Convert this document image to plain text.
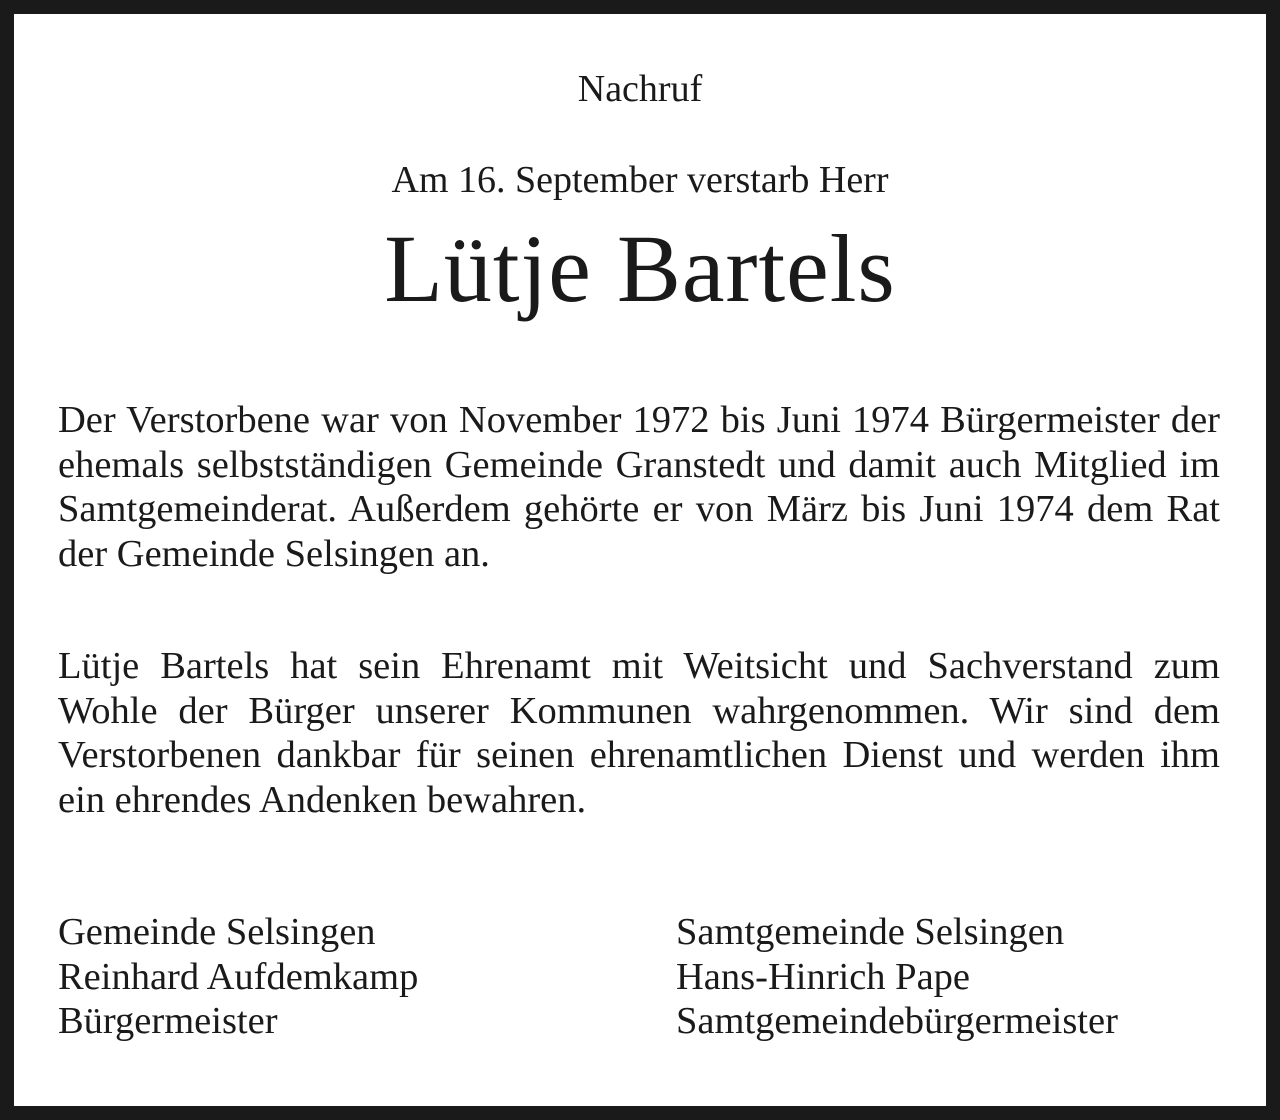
Nachruf
Am 16. September verstarb Herr
Lütje Bartels

Der Verstorbene war von November 1972 bis Juni 1974 Bürgermeister der ehemals selbstständigen Gemeinde Granstedt und damit auch Mitglied im Samtgemeinderat. Außerdem gehörte er von März bis Juni 1974 dem Rat der Gemeinde Selsingen an.

Lütje Bartels hat sein Ehrenamt mit Weitsicht und Sachverstand zum Wohle der Bürger unserer Kommunen wahrgenommen. Wir sind dem Verstorbenen dankbar für seinen ehrenamtlichen Dienst und werden ihm ein ehrendes Andenken bewahren.

Gemeinde Selsingen
Reinhard Aufdemkamp
Bürgermeister
Samtgemeinde Selsingen
Hans-Hinrich Pape
Samtgemeindebürgermeister
